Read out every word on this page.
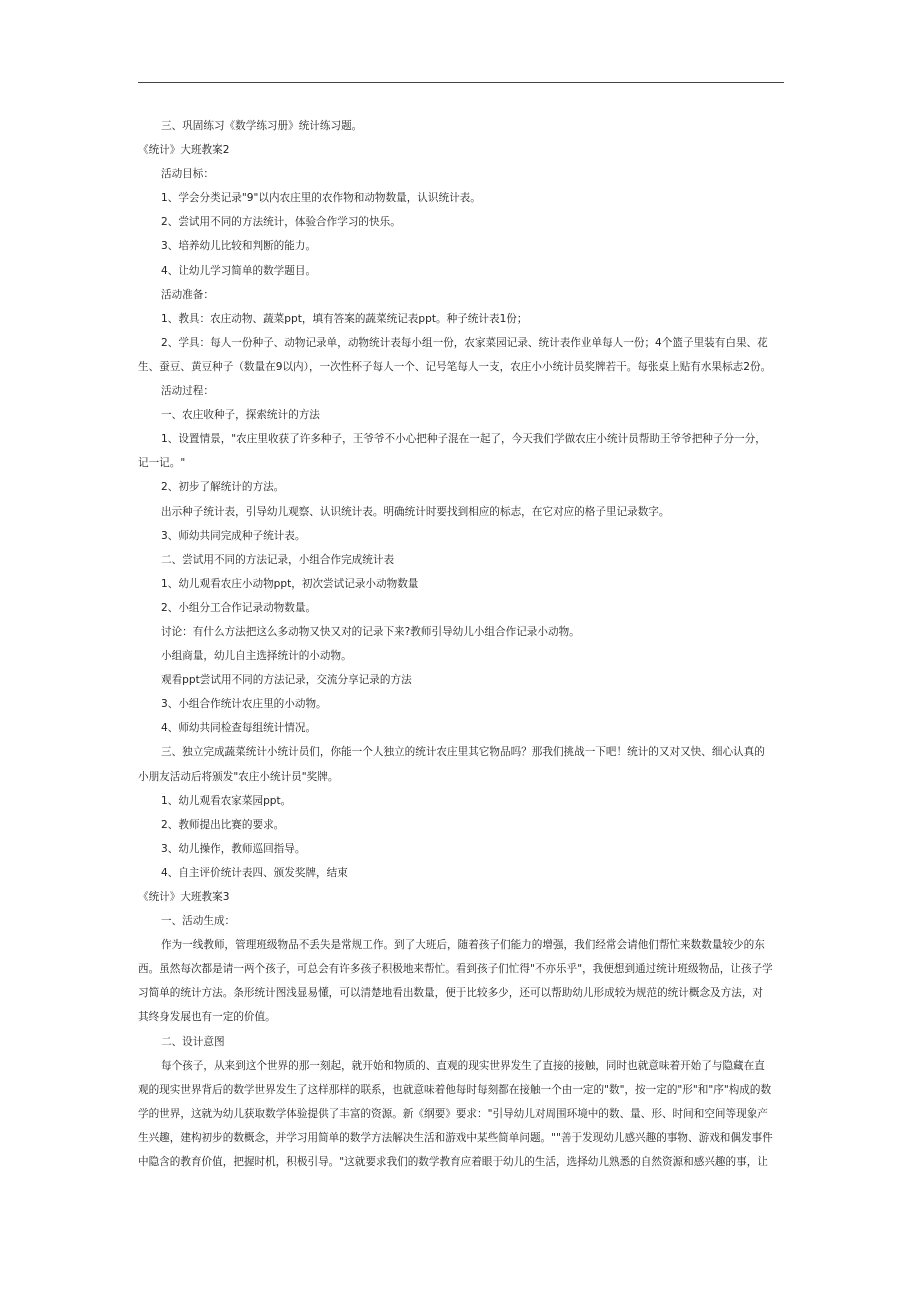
三、巩固练习《数学练习册》统计练习题。

《统计》大班教案2

活动目标：

1、学会分类记录"9"以内农庄里的农作物和动物数量，认识统计表。

2、尝试用不同的方法统计，体验合作学习的快乐。

3、培养幼儿比较和判断的能力。

4、让幼儿学习简单的数学题目。

活动准备：

1、教具：农庄动物、蔬菜ppt，填有答案的蔬菜统记表ppt。种子统计表1份；

2、学具：每人一份种子、动物记录单，动物统计表每小组一份，农家菜园记录、统计表作业单每人一份；4个篮子里装有白果、花

生、蚕豆、黄豆种子（数量在9以内），一次性杯子每人一个、记号笔每人一支，农庄小小统计员奖牌若干。每张桌上贴有水果标志2份。

活动过程：

一、农庄收种子，探索统计的方法

1、设置情景，"农庄里收获了许多种子，王爷爷不小心把种子混在一起了，今天我们学做农庄小统计员帮助王爷爷把种子分一分，

记一记。"

2、初步了解统计的方法。

出示种子统计表，引导幼儿观察、认识统计表。明确统计时要找到相应的标志，在它对应的格子里记录数字。

3、师幼共同完成种子统计表。

二、尝试用不同的方法记录，小组合作完成统计表

1、幼儿观看农庄小动物ppt，初次尝试记录小动物数量

2、小组分工合作记录动物数量。

讨论：有什么方法把这么多动物又快又对的记录下来?教师引导幼儿小组合作记录小动物。

小组商量，幼儿自主选择统计的小动物。

观看ppt尝试用不同的方法记录，交流分享记录的方法

3、小组合作统计农庄里的小动物。

4、师幼共同检查每组统计情况。

三、独立完成蔬菜统计小统计员们，你能一个人独立的统计农庄里其它物品吗？那我们挑战一下吧！统计的又对又快、细心认真的

小朋友活动后将颁发"农庄小统计员"奖牌。

1、幼儿观看农家菜园ppt。

2、教师提出比赛的要求。

3、幼儿操作，教师巡回指导。

4、自主评价统计表四、颁发奖牌，结束

《统计》大班教案3

一、活动生成：

作为一线教师，管理班级物品不丢失是常规工作。到了大班后，随着孩子们能力的增强，我们经常会请他们帮忙来数数量较少的东

西。虽然每次都是请一两个孩子，可总会有许多孩子积极地来帮忙。看到孩子们忙得"不亦乐乎"，我便想到通过统计班级物品，让孩子学

习简单的统计方法。条形统计图浅显易懂，可以清楚地看出数量，便于比较多少，还可以帮助幼儿形成较为规范的统计概念及方法，对

其终身发展也有一定的价值。

二、设计意图

每个孩子，从来到这个世界的那一刻起，就开始和物质的、直观的现实世界发生了直接的接触，同时也就意味着开始了与隐藏在直

观的现实世界背后的数学世界发生了这样那样的联系，也就意味着他每时每刻都在接触一个由一定的"数"，按一定的"形"和"序"构成的数

学的世界，这就为幼儿获取数学体验提供了丰富的资源。新《纲要》要求："引导幼儿对周围环境中的数、量、形、时间和空间等现象产

生兴趣，建构初步的数概念，并学习用简单的数学方法解决生活和游戏中某些简单问题。""善于发现幼儿感兴趣的事物、游戏和偶发事件

中隐含的教育价值，把握时机，积极引导。"这就要求我们的数学教育应着眼于幼儿的生活，选择幼儿熟悉的自然资源和感兴趣的事，让
